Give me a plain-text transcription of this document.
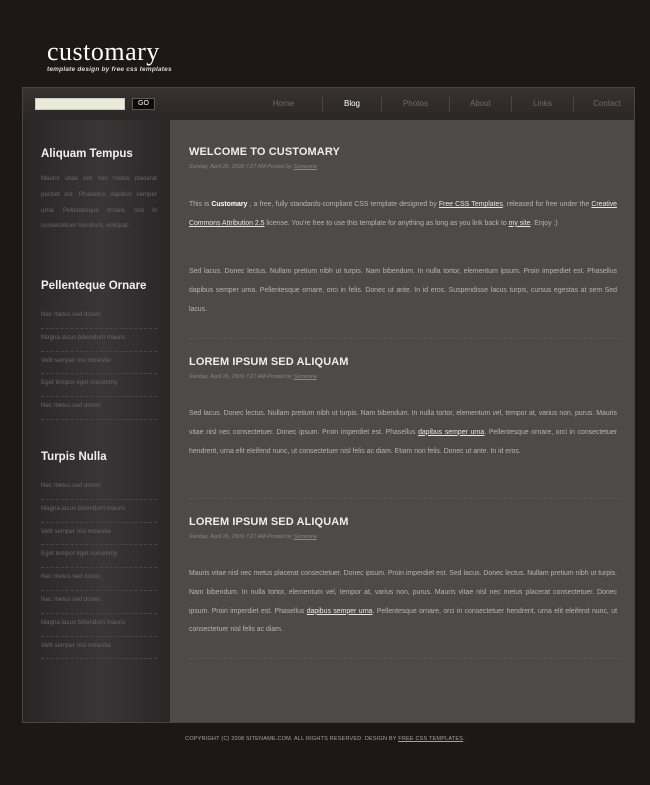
customary
template design by free css templates
GO	Home	Blog	Photos	About	Links	Contact
Aliquam Tempus

Mauris vitae nisl nec metus placerat perdiet est. Phasellus dapibus semper urna. Pellentesque ornare, orci in consectetuer hendrerit, volutpat.

Pellenteque Ornare
Nec metus sed donec
Magna lacus bibendum mauris
Velit semper nisi molestie
Eget tempor eget nonummy
Nec metus sed donec
Turpis Nulla
Nec metus sed donec
Magna lacus bibendum mauris
Velit semper nisi molestie
Eget tempor eget nonummy
Nec metus sed donec
Nec metus sed donec
Magna lacus bibendum mauris
Velit semper nisi molestie
WELCOME TO CUSTOMARY
Sunday, April 26, 2009 7:27 AM Posted by Someone

This is Customary , a free, fully standards-compliant CSS template designed by Free CSS Templates, released for free under the Creative Commons Attribution 2.5 license. You're free to use this template for anything as long as you link back to my site. Enjoy :)

Sed lacus. Donec lectus. Nullam pretium nibh ut turpis. Nam bibendum. In nulla tortor, elementum ipsum. Proin imperdiet est. Phasellus dapibus semper urna. Pellentesque ornare, orci in felis. Donec ut ante. In id eros. Suspendisse lacus turpis, cursus egestas at sem Sed lacus.

LOREM IPSUM SED ALIQUAM
Sunday, April 26, 2009 7:27 AM Posted by Someone

Sed lacus. Donec lectus. Nullam pretium nibh ut turpis. Nam bibendum. In nulla tortor, elementum vel, tempor at, varius non, purus. Mauris vitae nisl nec consectetuer. Donec ipsum. Proin imperdiet est. Phasellus dapibus semper urna. Pellentesque ornare, orci in consectetuer hendrerit, urna elit eleifend nunc, ut consectetuer nisl felis ac diam. Etiam non felis. Donec ut ante. In id eros.

LOREM IPSUM SED ALIQUAM
Sunday, April 26, 2009 7:27 AM Posted by Someone

Mauris vitae nisl nec metus placerat consectetuer. Donec ipsum. Proin imperdiet est. Sed lacus. Donec lectus. Nullam pretium nibh ut turpis. Nam bibendum. In nulla tortor, elementum vel, tempor at, varius non, purus. Mauris vitae nisl nec metus placerat consectetuer. Donec ipsum. Proin imperdiet est. Phasellus dapibus semper urna. Pellentesque ornare, orci in consectetuer hendrerit, urna elit eleifend nunc, ut consectetuer nisl felis ac diam.

COPYRIGHT (C) 2008 SITENAME.COM. ALL RIGHTS RESERVED. DESIGN BY FREE CSS TEMPLATES.
